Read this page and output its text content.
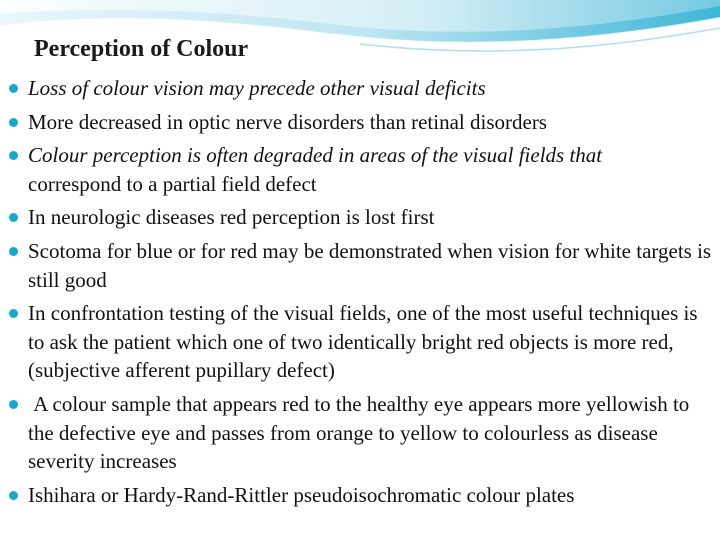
Perception of Colour
Loss of colour vision may precede other visual deficits
More decreased in optic nerve disorders than retinal disorders
Colour perception is often degraded in areas of the visual fields that
correspond to a partial field defect
In neurologic diseases red perception is lost first
Scotoma for blue or for red may be demonstrated when vision for white targets is still good
In confrontation testing of the visual fields, one of the most useful techniques is to ask the patient which one of two identically bright red objects is more red,(subjective afferent pupillary defect)
A colour sample that appears red to the healthy eye appears more yellowish to the defective eye and passes from orange to yellow to colourless as disease severity increases
Ishihara or Hardy-Rand-Rittler pseudoisochromatic colour plates
